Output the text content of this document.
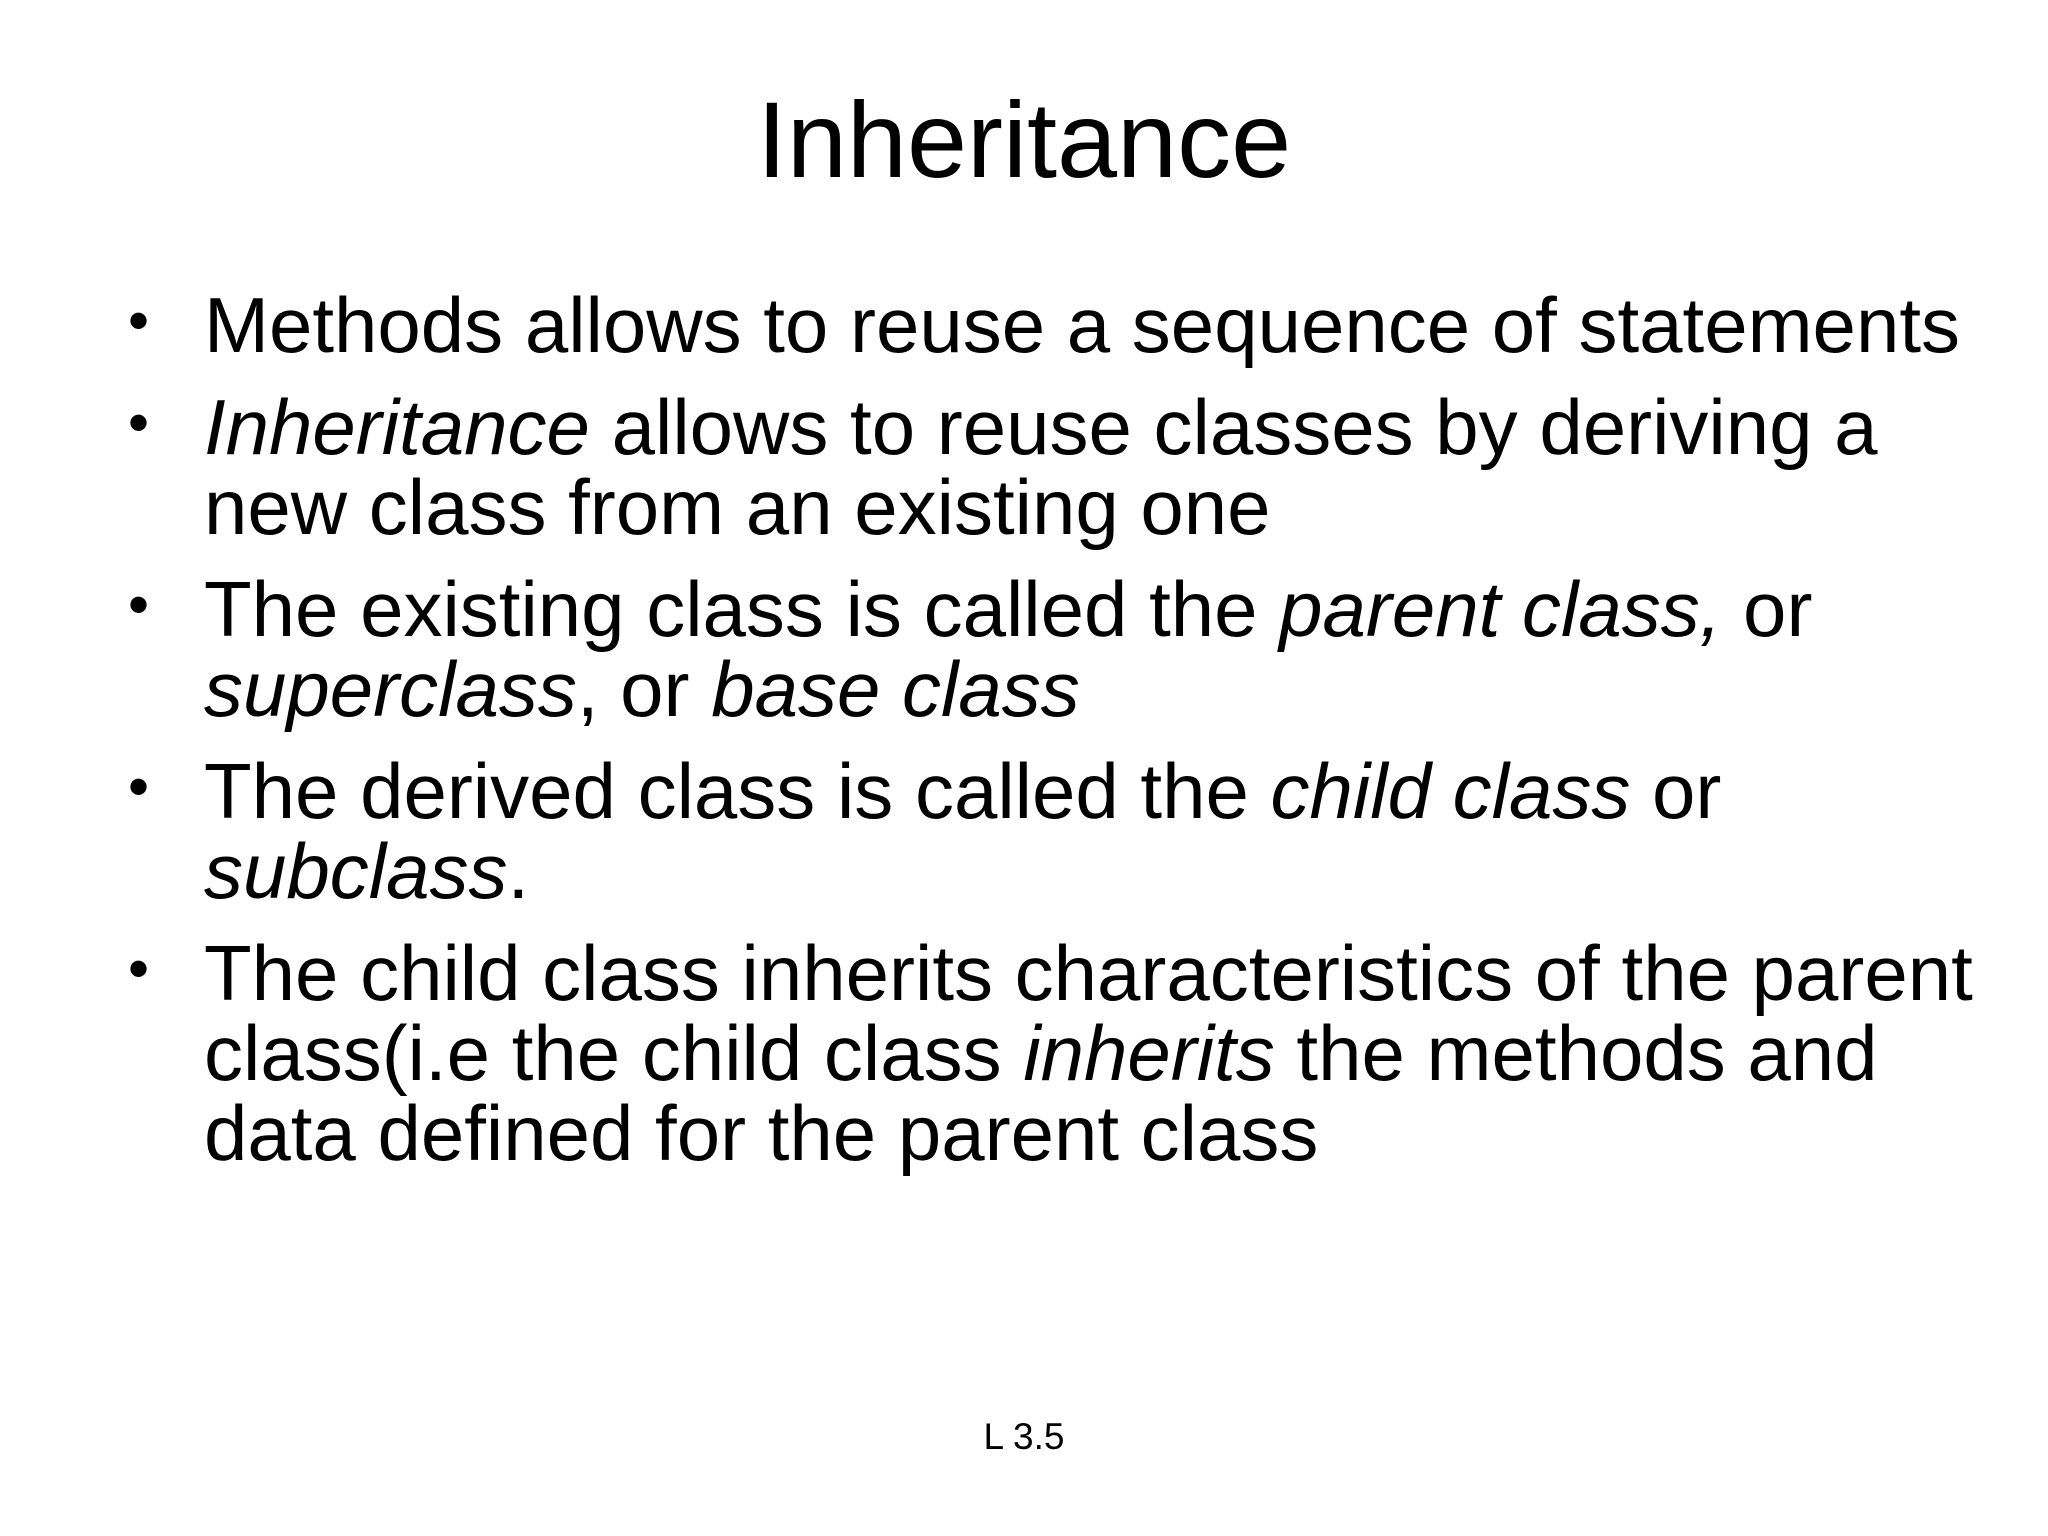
Inheritance
• Methods allows to reuse a sequence of statements
• Inheritance allows to reuse classes by deriving a new class from an existing one
• The existing class is called the parent class, or superclass, or base class
• The derived class is called the child class or subclass.
• The child class inherits characteristics of the parent class(i.e the child class inherits the methods and data defined for the parent class
L 3.5
